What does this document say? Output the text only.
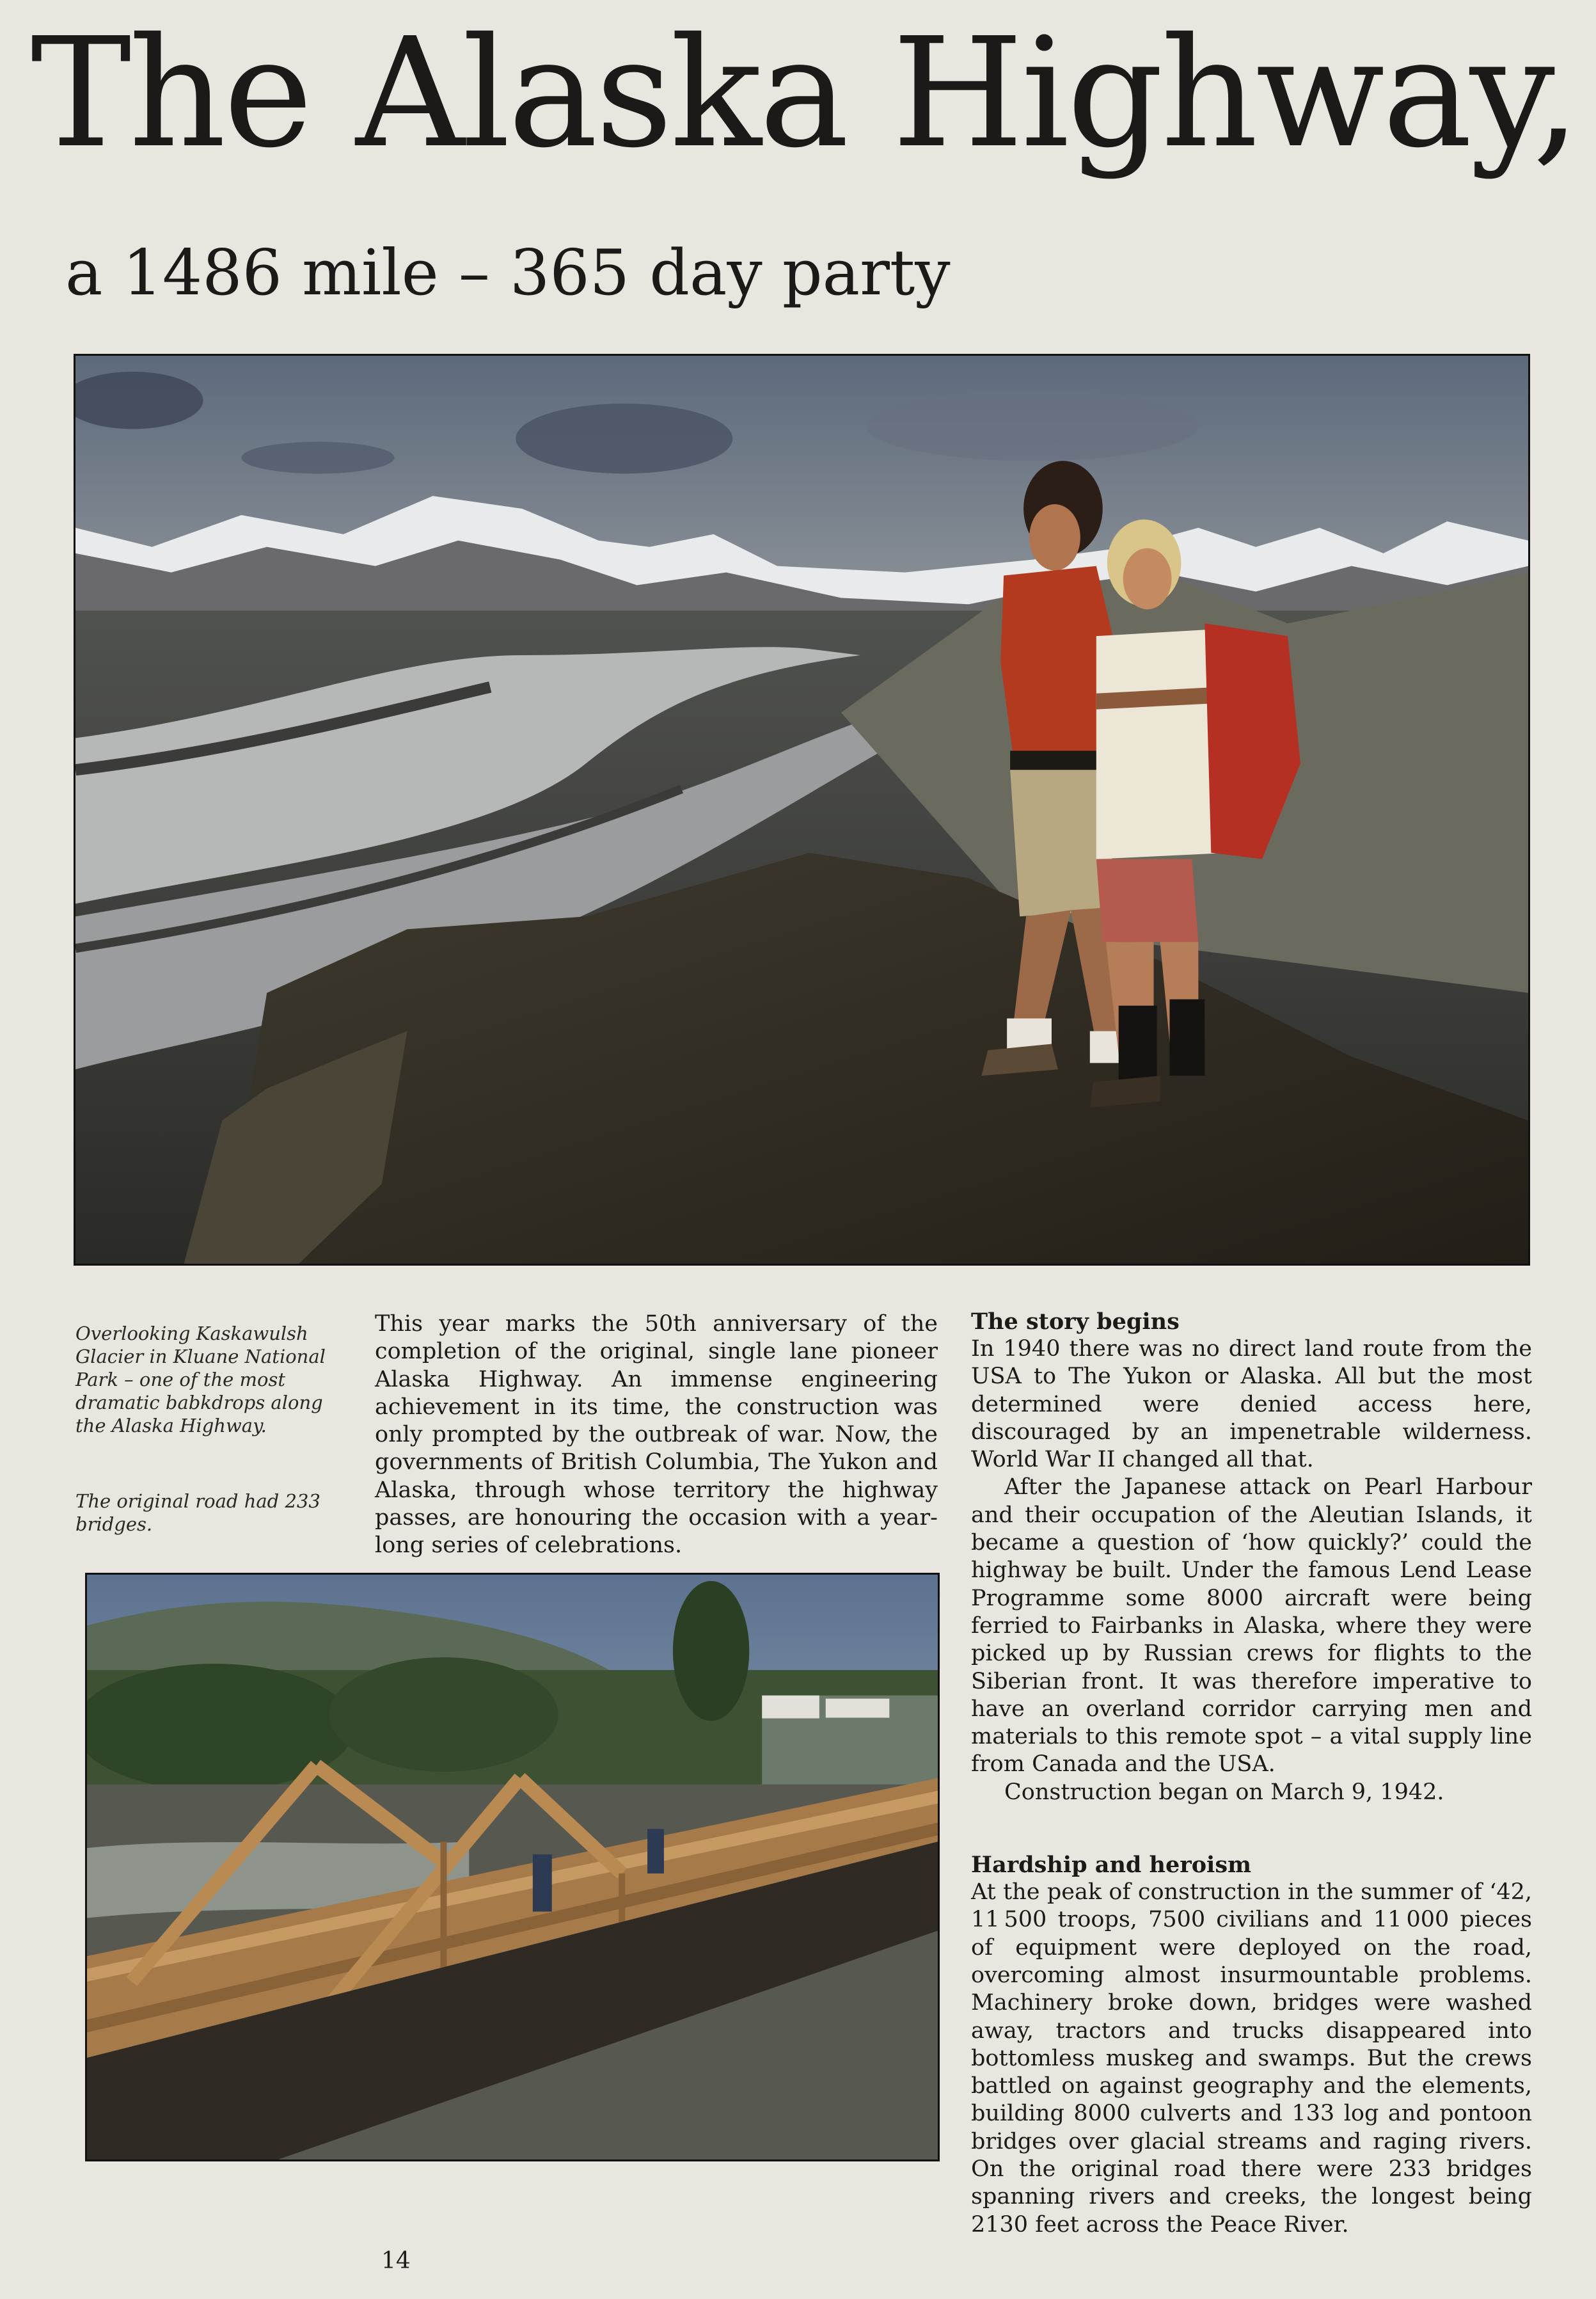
The Alaska Highway,
a 1486 mile – 365 day party

Overlooking Kaskawulsh Glacier in Kluane National Park – one of the most dramatic babkdrops along the Alaska Highway.

The original road had 233 bridges.

This year marks the 50th anniversary of the completion of the original, single lane pioneer Alaska Highway. An immense engineering achievement in its time, the construction was only prompted by the outbreak of war. Now, the governments of British Columbia, The Yukon and Alaska, through whose territory the highway passes, are honouring the occasion with a year-long series of celebrations.

The story begins

In 1940 there was no direct land route from the USA to The Yukon or Alaska. All but the most determined were denied access here, discouraged by an impenetrable wilderness. World War II changed all that.

After the Japanese attack on Pearl Harbour and their occupation of the Aleutian Islands, it became a question of ‘how quickly?’ could the highway be built. Under the famous Lend Lease Programme some 8000 aircraft were being ferried to Fairbanks in Alaska, where they were picked up by Russian crews for flights to the Siberian front. It was therefore imperative to have an overland corridor carrying men and materials to this remote spot – a vital supply line from Canada and the USA.

Construction began on March 9, 1942.

Hardship and heroism

At the peak of construction in the summer of ‘42, 11 500 troops, 7500 civilians and 11 000 pieces of equipment were deployed on the road, overcoming almost insurmountable problems. Machinery broke down, bridges were washed away, tractors and trucks disappeared into bottomless muskeg and swamps. But the crews battled on against geography and the elements, building 8000 culverts and 133 log and pontoon bridges over glacial streams and raging rivers. On the original road there were 233 bridges spanning rivers and creeks, the longest being 2130 feet across the Peace River.

14
